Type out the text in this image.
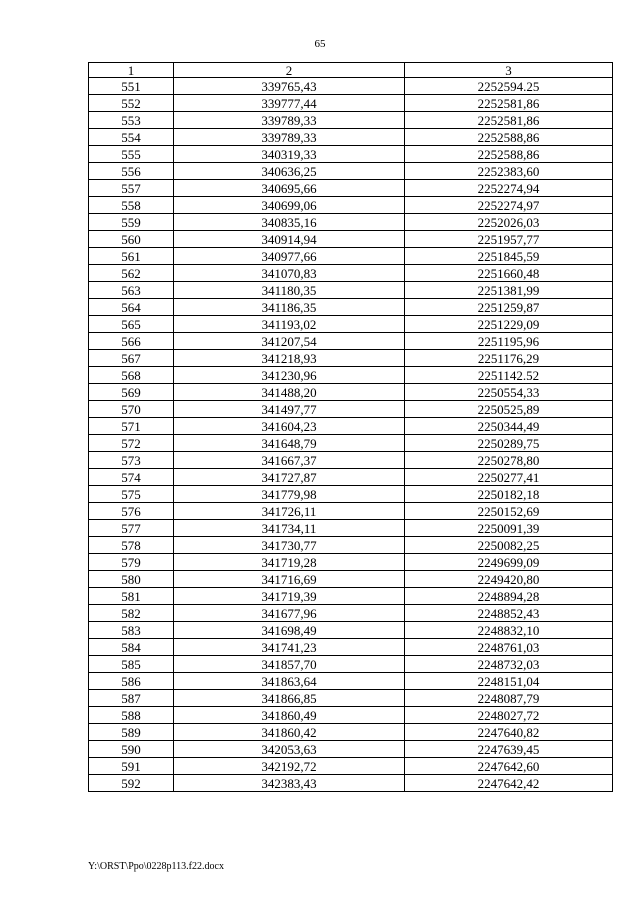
65
1	2	3
551	339765,43	2252594.25
552	339777,44	2252581,86
553	339789,33	2252581,86
554	339789,33	2252588,86
555	340319,33	2252588,86
556	340636,25	2252383,60
557	340695,66	2252274,94
558	340699,06	2252274,97
559	340835,16	2252026,03
560	340914,94	2251957,77
561	340977,66	2251845,59
562	341070,83	2251660,48
563	341180,35	2251381,99
564	341186,35	2251259,87
565	341193,02	2251229,09
566	341207,54	2251195,96
567	341218,93	2251176,29
568	341230,96	2251142.52
569	341488,20	2250554,33
570	341497,77	2250525,89
571	341604,23	2250344,49
572	341648,79	2250289,75
573	341667,37	2250278,80
574	341727,87	2250277,41
575	341779,98	2250182,18
576	341726,11	2250152,69
577	341734,11	2250091,39
578	341730,77	2250082,25
579	341719,28	2249699,09
580	341716,69	2249420,80
581	341719,39	2248894,28
582	341677,96	2248852,43
583	341698,49	2248832,10
584	341741,23	2248761,03
585	341857,70	2248732,03
586	341863,64	2248151,04
587	341866,85	2248087,79
588	341860,49	2248027,72
589	341860,42	2247640,82
590	342053,63	2247639,45
591	342192,72	2247642,60
592	342383,43	2247642,42
Y:\ORST\Ppo\0228p113.f22.docx
